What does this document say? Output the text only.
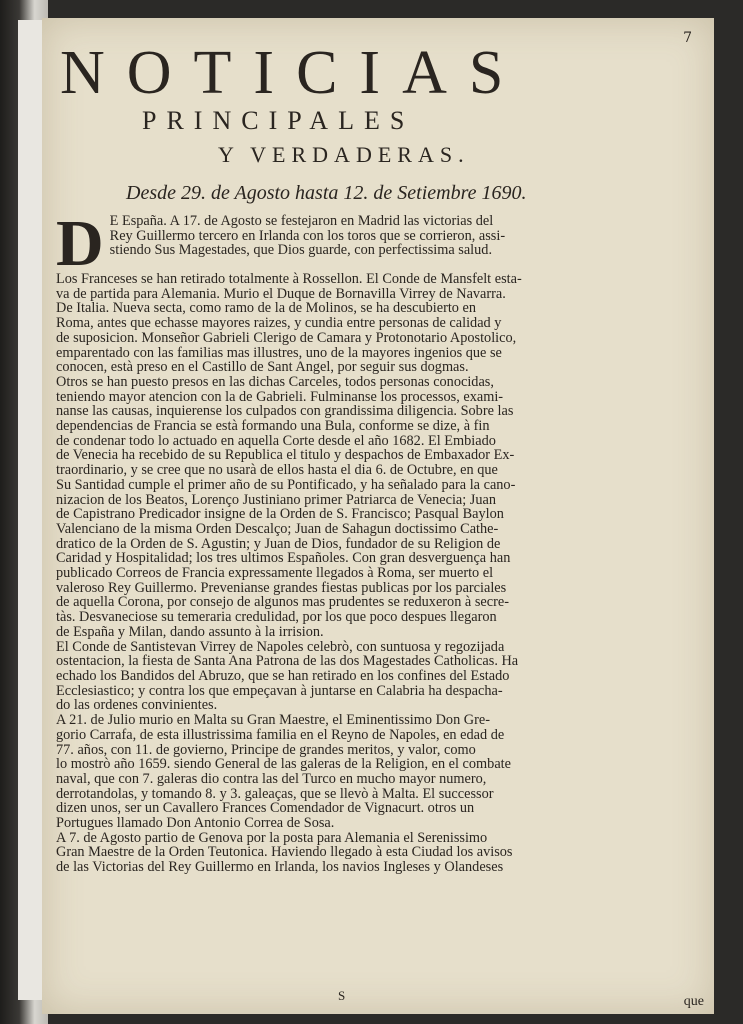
7
NOTICIAS
PRINCIPALES
Y VERDADERAS.
Desde 29. de Agosto hasta 12. de Setiembre 1690.
D E España. A 17. de Agosto se festejaron en Madrid las victorias del
Rey Guillermo tercero en Irlanda con los toros que se corrieron, assi-
stiendo Sus Magestades, que Dios guarde, con perfectissima salud.
Los Franceses se han retirado totalmente à Rossellon. El Conde de Mansfelt esta-
va de partida para Alemania. Murio el Duque de Bornavilla Virrey de Navarra.
De Italia. Nueva secta, como ramo de la de Molinos, se ha descubierto en
Roma, antes que echasse mayores raizes, y cundia entre personas de calidad y
de suposicion. Monseñor Gabrieli Clerigo de Camara y Protonotario Apostolico,
emparentado con las familias mas illustres, uno de la mayores ingenios que se
conocen, està preso en el Castillo de Sant Angel, por seguir sus dogmas.
Otros se han puesto presos en las dichas Carceles, todos personas conocidas,
teniendo mayor atencion con la de Gabrieli. Fulminanse los processos, exami-
nanse las causas, inquierense los culpados con grandissima diligencia. Sobre las
dependencias de Francia se està formando una Bula, conforme se dize, à fin
de condenar todo lo actuado en aquella Corte desde el año 1682. El Embiado
de Venecia ha recebido de su Republica el titulo y despachos de Embaxador Ex-
traordinario, y se cree que no usarà de ellos hasta el dia 6. de Octubre, en que
Su Santidad cumple el primer año de su Pontificado, y ha señalado para la cano-
nizacion de los Beatos, Lorenço Justiniano primer Patriarca de Venecia; Juan
de Capistrano Predicador insigne de la Orden de S. Francisco; Pasqual Baylon
Valenciano de la misma Orden Descalço; Juan de Sahagun doctissimo Cathe-
dratico de la Orden de S. Agustin; y Juan de Dios, fundador de su Religion de
Caridad y Hospitalidad; los tres ultimos Españoles. Con gran desverguença han
publicado Correos de Francia expressamente llegados à Roma, ser muerto el
valeroso Rey Guillermo. Prevenianse grandes fiestas publicas por los parciales
de aquella Corona, por consejo de algunos mas prudentes se reduxeron à secre-
tàs. Desvaneciose su temeraria credulidad, por los que poco despues llegaron
de España y Milan, dando assunto à la irrision.
El Conde de Santistevan Virrey de Napoles celebrò, con suntuosa y regozijada
ostentacion, la fiesta de Santa Ana Patrona de las dos Magestades Catholicas. Ha
echado los Bandidos del Abruzo, que se han retirado en los confines del Estado
Ecclesiastico; y contra los que empeçavan à juntarse en Calabria ha despacha-
do las ordenes convinientes.
A 21. de Julio murio en Malta su Gran Maestre, el Eminentissimo Don Gre-
gorio Carrafa, de esta illustrissima familia en el Reyno de Napoles, en edad de
77. años, con 11. de govierno, Principe de grandes meritos, y valor, como
lo mostrò año 1659. siendo General de las galeras de la Religion, en el combate
naval, que con 7. galeras dio contra las del Turco en mucho mayor numero,
derrotandolas, y tomando 8. y 3. galeaças, que se llevò à Malta. El successor
dizen unos, ser un Cavallero Frances Comendador de Vignacurt. otros un
Portugues llamado Don Antonio Correa de Sosa.
A 7. de Agosto partio de Genova por la posta para Alemania el Serenissimo
Gran Maestre de la Orden Teutonica. Haviendo llegado à esta Ciudad los avisos
de las Victorias del Rey Guillermo en Irlanda, los navios Ingleses y Olandeses
S	que
